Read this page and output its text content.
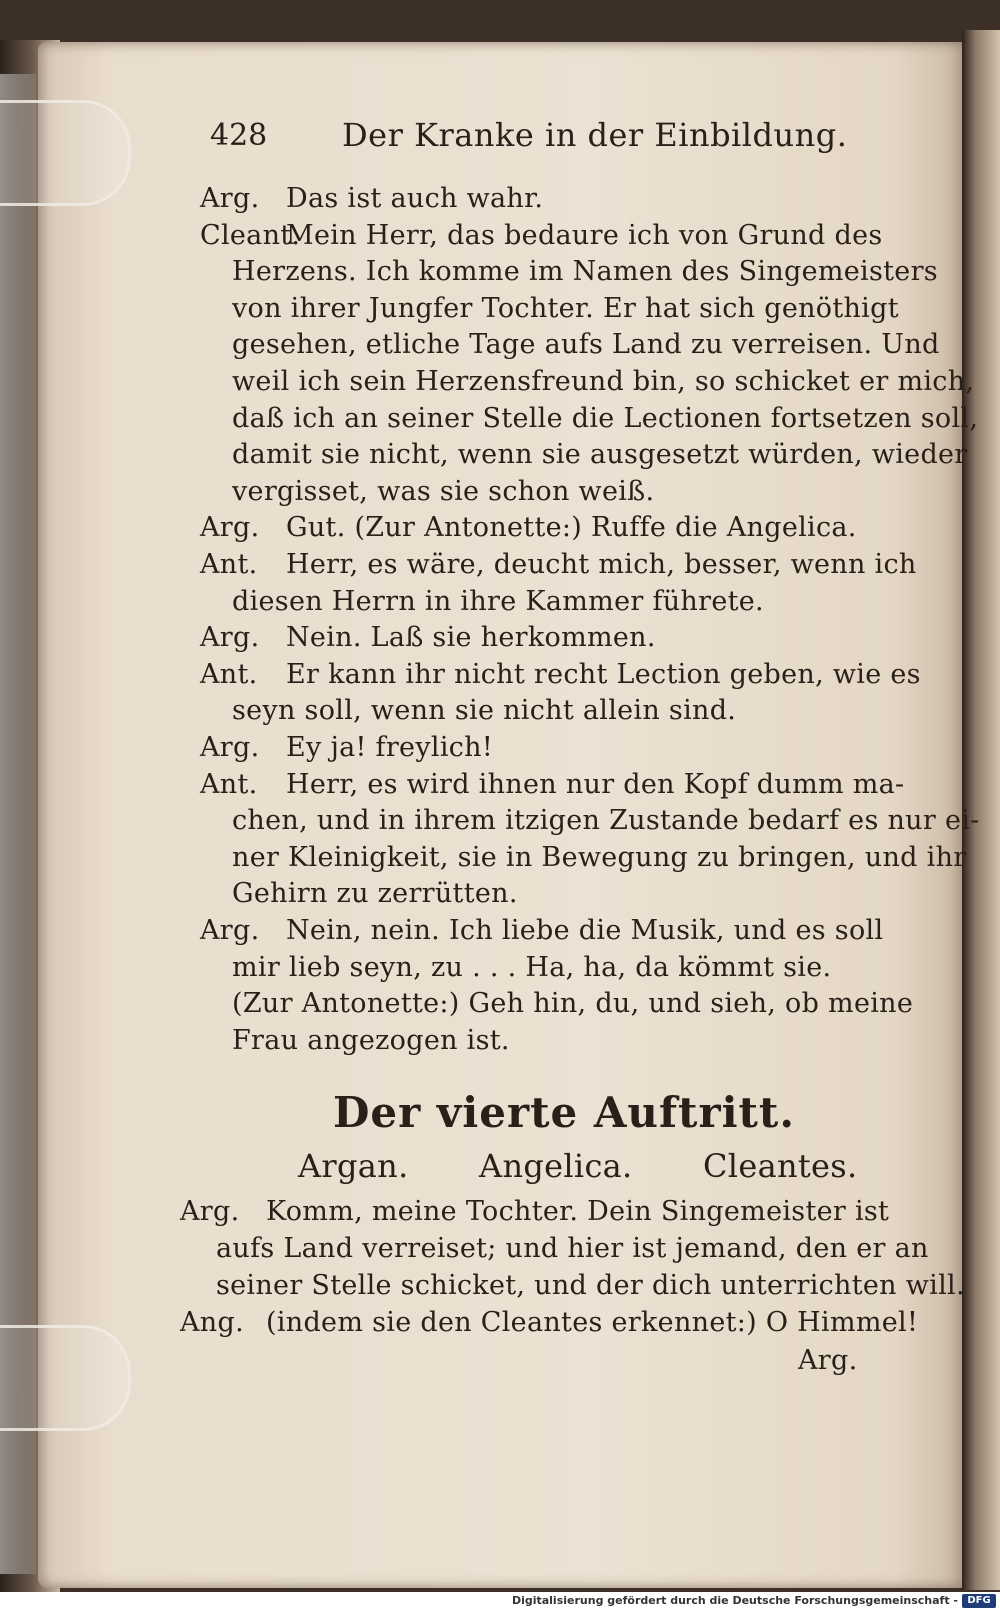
428 Der Kranke in der Einbildung.
Arg. Das ist auch wahr.
Cleant.Mein Herr, das bedaure ich von Grund des
Herzens. Ich komme im Namen des Singemeisters
von ihrer Jungfer Tochter. Er hat sich genöthigt
gesehen, etliche Tage aufs Land zu verreisen. Und
weil ich sein Herzensfreund bin, so schicket er mich,
daß ich an seiner Stelle die Lectionen fortsetzen soll,
damit sie nicht, wenn sie ausgesetzt würden, wieder
vergisset, was sie schon weiß.
Arg. Gut. (Zur Antonette:) Ruffe die Angelica.
Ant. Herr, es wäre, deucht mich, besser, wenn ich
diesen Herrn in ihre Kammer führete.
Arg. Nein. Laß sie herkommen.
Ant. Er kann ihr nicht recht Lection geben, wie es
seyn soll, wenn sie nicht allein sind.
Arg. Ey ja! freylich!
Ant. Herr, es wird ihnen nur den Kopf dumm ma-
chen, und in ihrem itzigen Zustande bedarf es nur ei-
ner Kleinigkeit, sie in Bewegung zu bringen, und ihr
Gehirn zu zerrütten.
Arg. Nein, nein. Ich liebe die Musik, und es soll
mir lieb seyn, zu . . . Ha, ha, da kömmt sie.
(Zur Antonette:) Geh hin, du, und sieh, ob meine
Frau angezogen ist.
Der vierte Auftritt.
Argan. Angelica. Cleantes.
Arg. Komm, meine Tochter. Dein Singemeister ist
aufs Land verreiset; und hier ist jemand, den er an
seiner Stelle schicket, und der dich unterrichten will.
Ang. (indem sie den Cleantes erkennet:) O Himmel!
Arg.
Digitalisierung gefördert durch die Deutsche Forschungsgemeinschaft - DFG
